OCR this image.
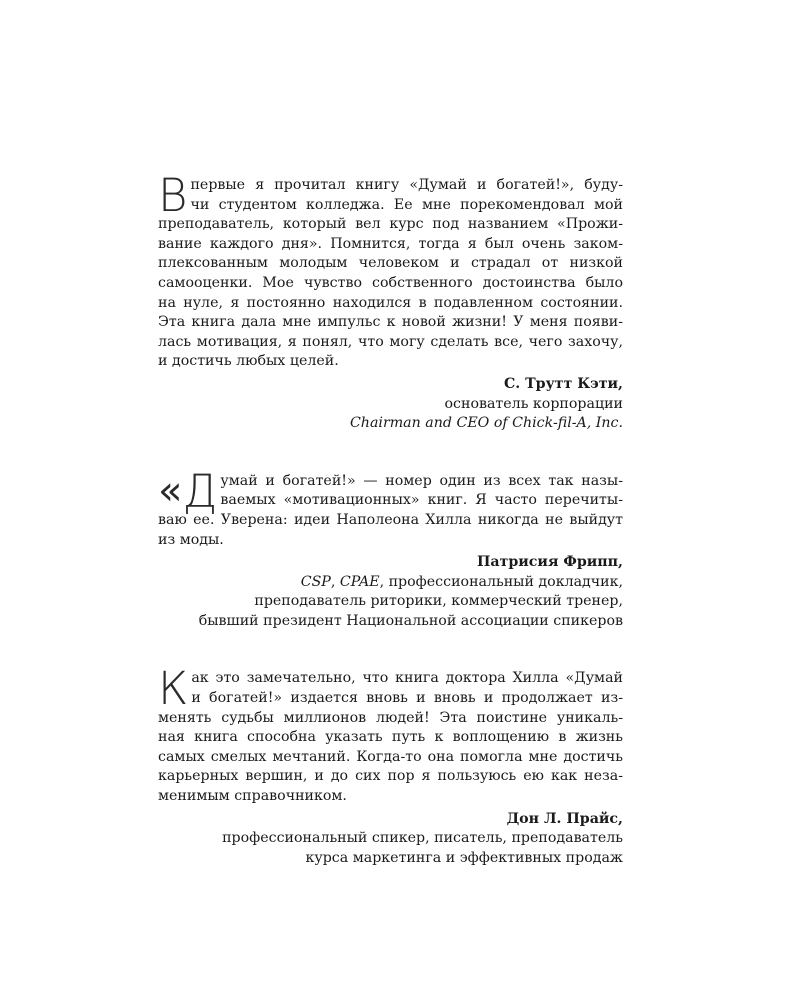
В первые я прочитал книгу «Думай и богатей!», буду-
чи студентом колледжа. Ее мне порекомендовал мой
преподаватель, который вел курс под названием «Прожи-
вание каждого дня». Помнится, тогда я был очень заком-
плексованным молодым человеком и страдал от низкой
самооценки. Мое чувство собственного достоинства было
на нуле, я постоянно находился в подавленном состоянии.
Эта книга дала мне импульс к новой жизни! У меня появи-
лась мотивация, я понял, что могу сделать все, чего захочу,
и достичь любых целей.
С. Трутт Кэти,
основатель корпорации
Chairman and CEO of Chick-fil-A, Inc.
« Д умай и богатей!» — номер один из всех так назы-
ваемых «мотивационных» книг. Я часто перечиты-
ваю ее. Уверена: идеи Наполеона Хилла никогда не выйдут
из моды.
Патрисия Фрипп,
CSP, CPAE, профессиональный докладчик,
преподаватель риторики, коммерческий тренер,
бывший президент Национальной ассоциации спикеров
К ак это замечательно, что книга доктора Хилла «Думай
и богатей!» издается вновь и вновь и продолжает из-
менять судьбы миллионов людей! Эта поистине уникаль-
ная книга способна указать путь к воплощению в жизнь
самых смелых мечтаний. Когда-то она помогла мне достичь
карьерных вершин, и до сих пор я пользуюсь ею как неза-
менимым справочником.
Дон Л. Прайс,
профессиональный спикер, писатель, преподаватель
курса маркетинга и эффективных продаж
